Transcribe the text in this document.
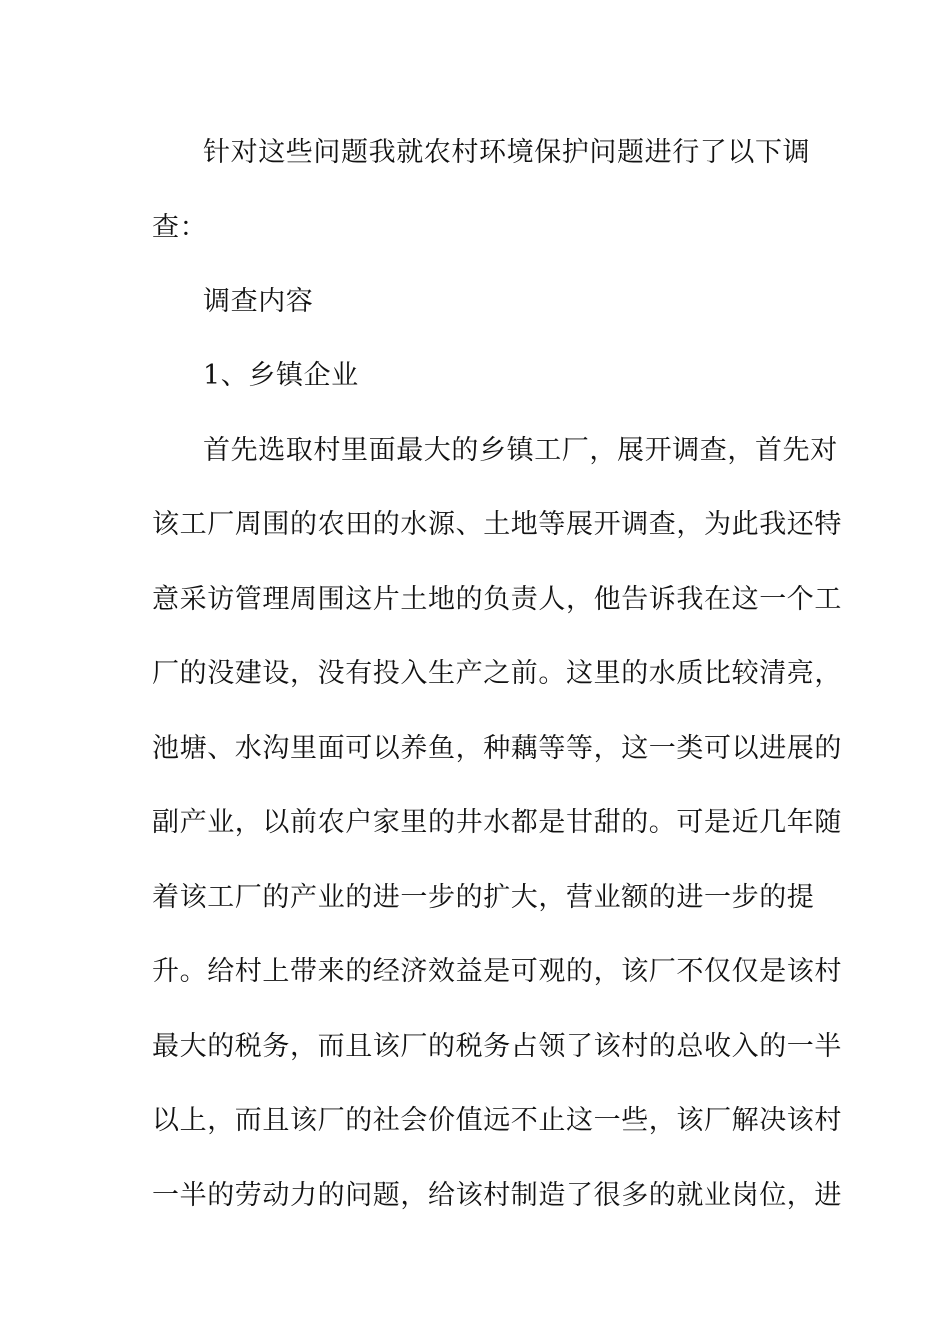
针对这些问题我就农村环境保护问题进行了以下调
查：
调查内容
1、乡镇企业
首先选取村里面最大的乡镇工厂，展开调查，首先对
该工厂周围的农田的水源、土地等展开调查，为此我还特
意采访管理周围这片土地的负责人，他告诉我在这一个工
厂的没建设，没有投入生产之前。这里的水质比较清亮，
池塘、水沟里面可以养鱼，种藕等等，这一类可以进展的
副产业，以前农户家里的井水都是甘甜的。可是近几年随
着该工厂的产业的进一步的扩大，营业额的进一步的提
升。给村上带来的经济效益是可观的，该厂不仅仅是该村
最大的税务，而且该厂的税务占领了该村的总收入的一半
以上，而且该厂的社会价值远不止这一些，该厂解决该村
一半的劳动力的问题，给该村制造了很多的就业岗位，进
